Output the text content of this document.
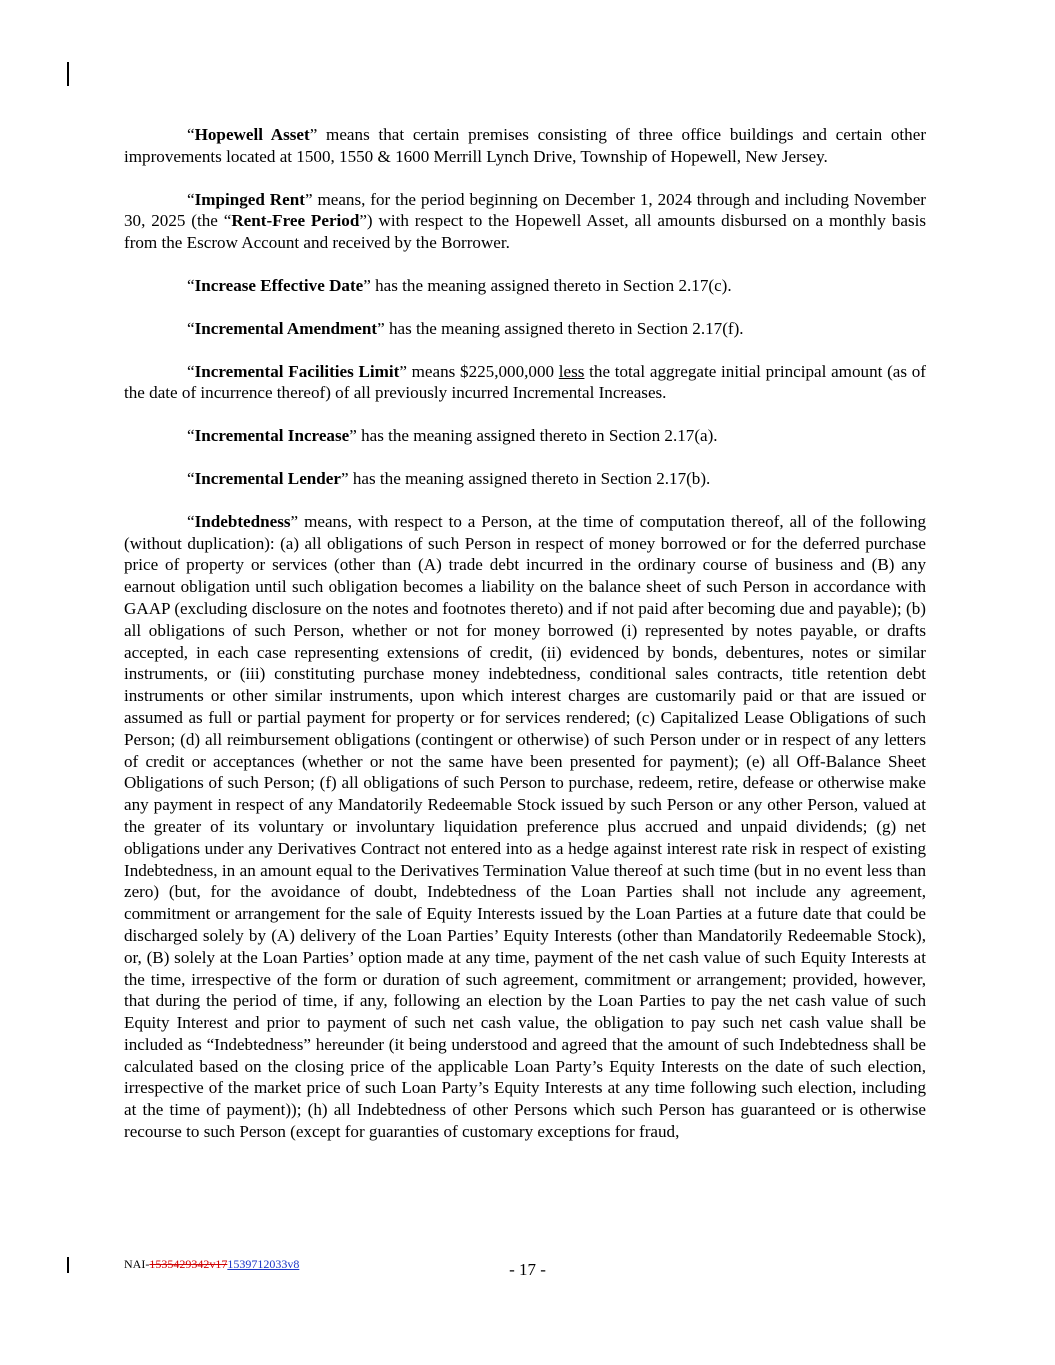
“Hopewell Asset” means that certain premises consisting of three office buildings and certain other improvements located at 1500, 1550 & 1600 Merrill Lynch Drive, Township of Hopewell, New Jersey.

“Impinged Rent” means, for the period beginning on December 1, 2024 through and including November 30, 2025 (the “Rent-Free Period”) with respect to the Hopewell Asset, all amounts disbursed on a monthly basis from the Escrow Account and received by the Borrower.

“Increase Effective Date” has the meaning assigned thereto in Section 2.17(c).

“Incremental Amendment” has the meaning assigned thereto in Section 2.17(f).

“Incremental Facilities Limit” means $225,000,000 less the total aggregate initial principal amount (as of the date of incurrence thereof) of all previously incurred Incremental Increases.

“Incremental Increase” has the meaning assigned thereto in Section 2.17(a).

“Incremental Lender” has the meaning assigned thereto in Section 2.17(b).

“Indebtedness” means, with respect to a Person, at the time of computation thereof, all of the following (without duplication): (a) all obligations of such Person in respect of money borrowed or for the deferred purchase price of property or services (other than (A) trade debt incurred in the ordinary course of business and (B) any earnout obligation until such obligation becomes a liability on the balance sheet of such Person in accordance with GAAP (excluding disclosure on the notes and footnotes thereto) and if not paid after becoming due and payable); (b) all obligations of such Person, whether or not for money borrowed (i) represented by notes payable, or drafts accepted, in each case representing extensions of credit, (ii) evidenced by bonds, debentures, notes or similar instruments, or (iii) constituting purchase money indebtedness, conditional sales contracts, title retention debt instruments or other similar instruments, upon which interest charges are customarily paid or that are issued or assumed as full or partial payment for property or for services rendered; (c) Capitalized Lease Obligations of such Person; (d) all reimbursement obligations (contingent or otherwise) of such Person under or in respect of any letters of credit or acceptances (whether or not the same have been presented for payment); (e) all Off-Balance Sheet Obligations of such Person; (f) all obligations of such Person to purchase, redeem, retire, defease or otherwise make any payment in respect of any Mandatorily Redeemable Stock issued by such Person or any other Person, valued at the greater of its voluntary or involuntary liquidation preference plus accrued and unpaid dividends; (g) net obligations under any Derivatives Contract not entered into as a hedge against interest rate risk in respect of existing Indebtedness, in an amount equal to the Derivatives Termination Value thereof at such time (but in no event less than zero) (but, for the avoidance of doubt, Indebtedness of the Loan Parties shall not include any agreement, commitment or arrangement for the sale of Equity Interests issued by the Loan Parties at a future date that could be discharged solely by (A) delivery of the Loan Parties’ Equity Interests (other than Mandatorily Redeemable Stock), or, (B) solely at the Loan Parties’ option made at any time, payment of the net cash value of such Equity Interests at the time, irrespective of the form or duration of such agreement, commitment or arrangement; provided, however, that during the period of time, if any, following an election by the Loan Parties to pay the net cash value of such Equity Interest and prior to payment of such net cash value, the obligation to pay such net cash value shall be included as “Indebtedness” hereunder (it being understood and agreed that the amount of such Indebtedness shall be calculated based on the closing price of the applicable Loan Party’s Equity Interests on the date of such election, irrespective of the market price of such Loan Party’s Equity Interests at any time following such election, including at the time of payment)); (h) all Indebtedness of other Persons which such Person has guaranteed or is otherwise recourse to such Person (except for guaranties of customary exceptions for fraud,

NAI-1535429342v171539712033v8	- 17 -
